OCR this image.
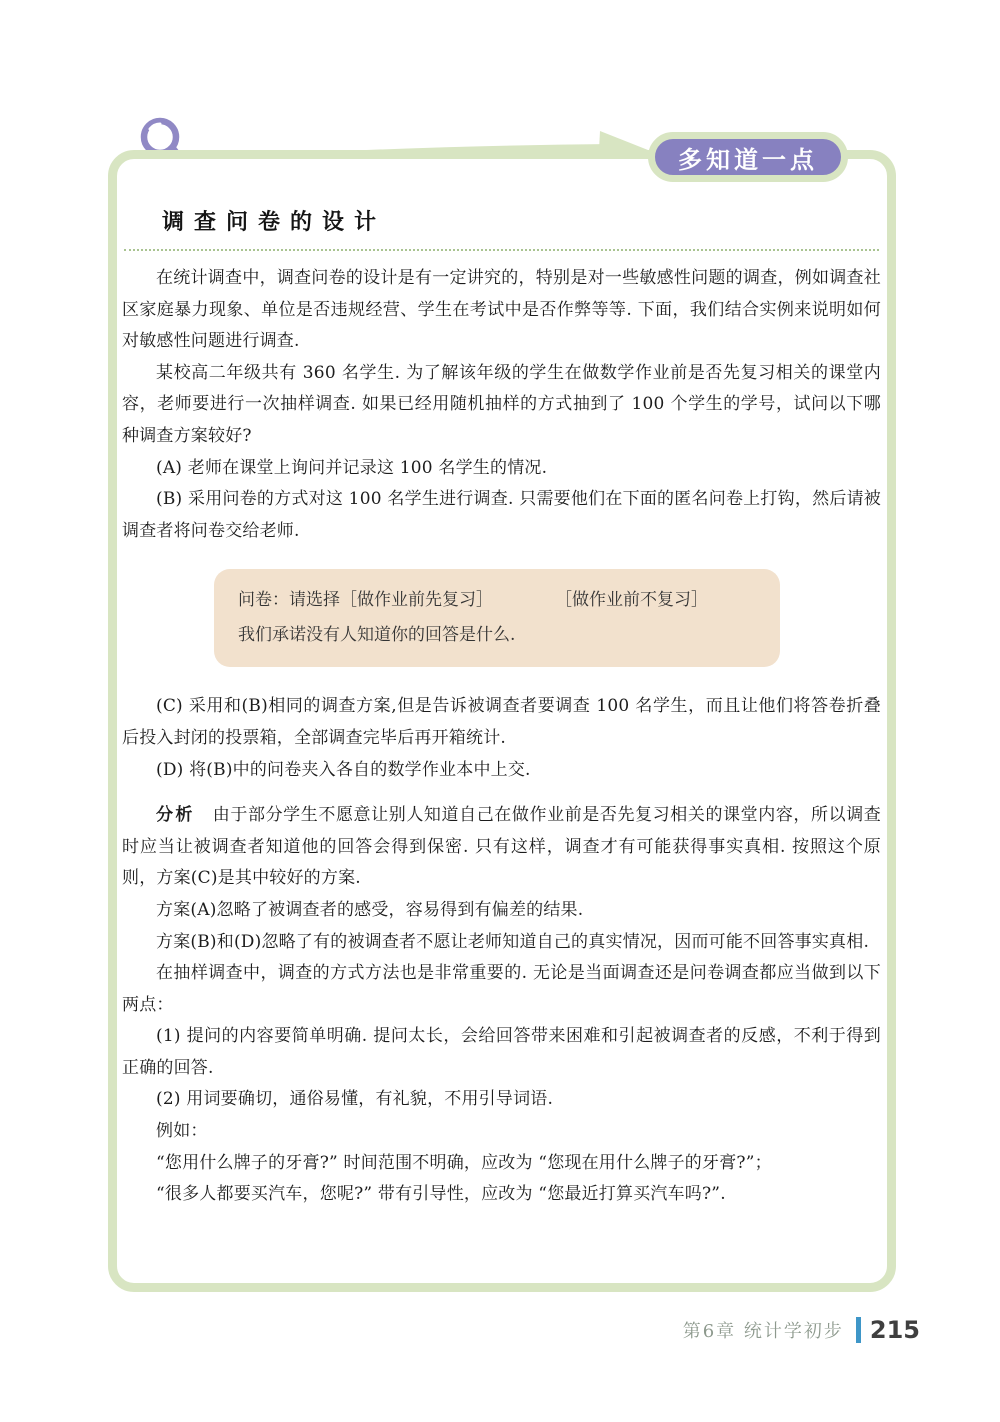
多知道一点
调查问卷的设计

在统计调查中，调查问卷的设计是有一定讲究的，特别是对一些敏感性问题的调查，例如调查社区家庭暴力现象、单位是否违规经营、学生在考试中是否作弊等等. 下面，我们结合实例来说明如何对敏感性问题进行调查.

某校高二年级共有 360 名学生. 为了解该年级的学生在做数学作业前是否先复习相关的课堂内容，老师要进行一次抽样调查. 如果已经用随机抽样的方式抽到了 100 个学生的学号，试问以下哪种调查方案较好?

(A) 老师在课堂上询问并记录这 100 名学生的情况.

(B) 采用问卷的方式对这 100 名学生进行调查. 只需要他们在下面的匿名问卷上打钩，然后请被调查者将问卷交给老师.

问卷：请选择［做作业前先复习］	［做作业前不复习］
我们承诺没有人知道你的回答是什么.

(C) 采用和(B)相同的调查方案,但是告诉被调查者要调查 100 名学生，而且让他们将答卷折叠后投入封闭的投票箱，全部调查完毕后再开箱统计.

(D) 将(B)中的问卷夹入各自的数学作业本中上交.

分析 由于部分学生不愿意让别人知道自己在做作业前是否先复习相关的课堂内容，所以调查时应当让被调查者知道他的回答会得到保密. 只有这样，调查才有可能获得事实真相. 按照这个原则，方案(C)是其中较好的方案.

方案(A)忽略了被调查者的感受，容易得到有偏差的结果.

方案(B)和(D)忽略了有的被调查者不愿让老师知道自己的真实情况，因而可能不回答事实真相.

在抽样调查中，调查的方式方法也是非常重要的. 无论是当面调查还是问卷调查都应当做到以下两点：

(1) 提问的内容要简单明确. 提问太长，会给回答带来困难和引起被调查者的反感，不利于得到正确的回答.

(2) 用词要确切，通俗易懂，有礼貌，不用引导词语.

例如：

“您用什么牌子的牙膏?” 时间范围不明确，应改为 “您现在用什么牌子的牙膏?”；

“很多人都要买汽车，您呢?” 带有引导性，应改为 “您最近打算买汽车吗?”.

第6章 统计学初步 215
